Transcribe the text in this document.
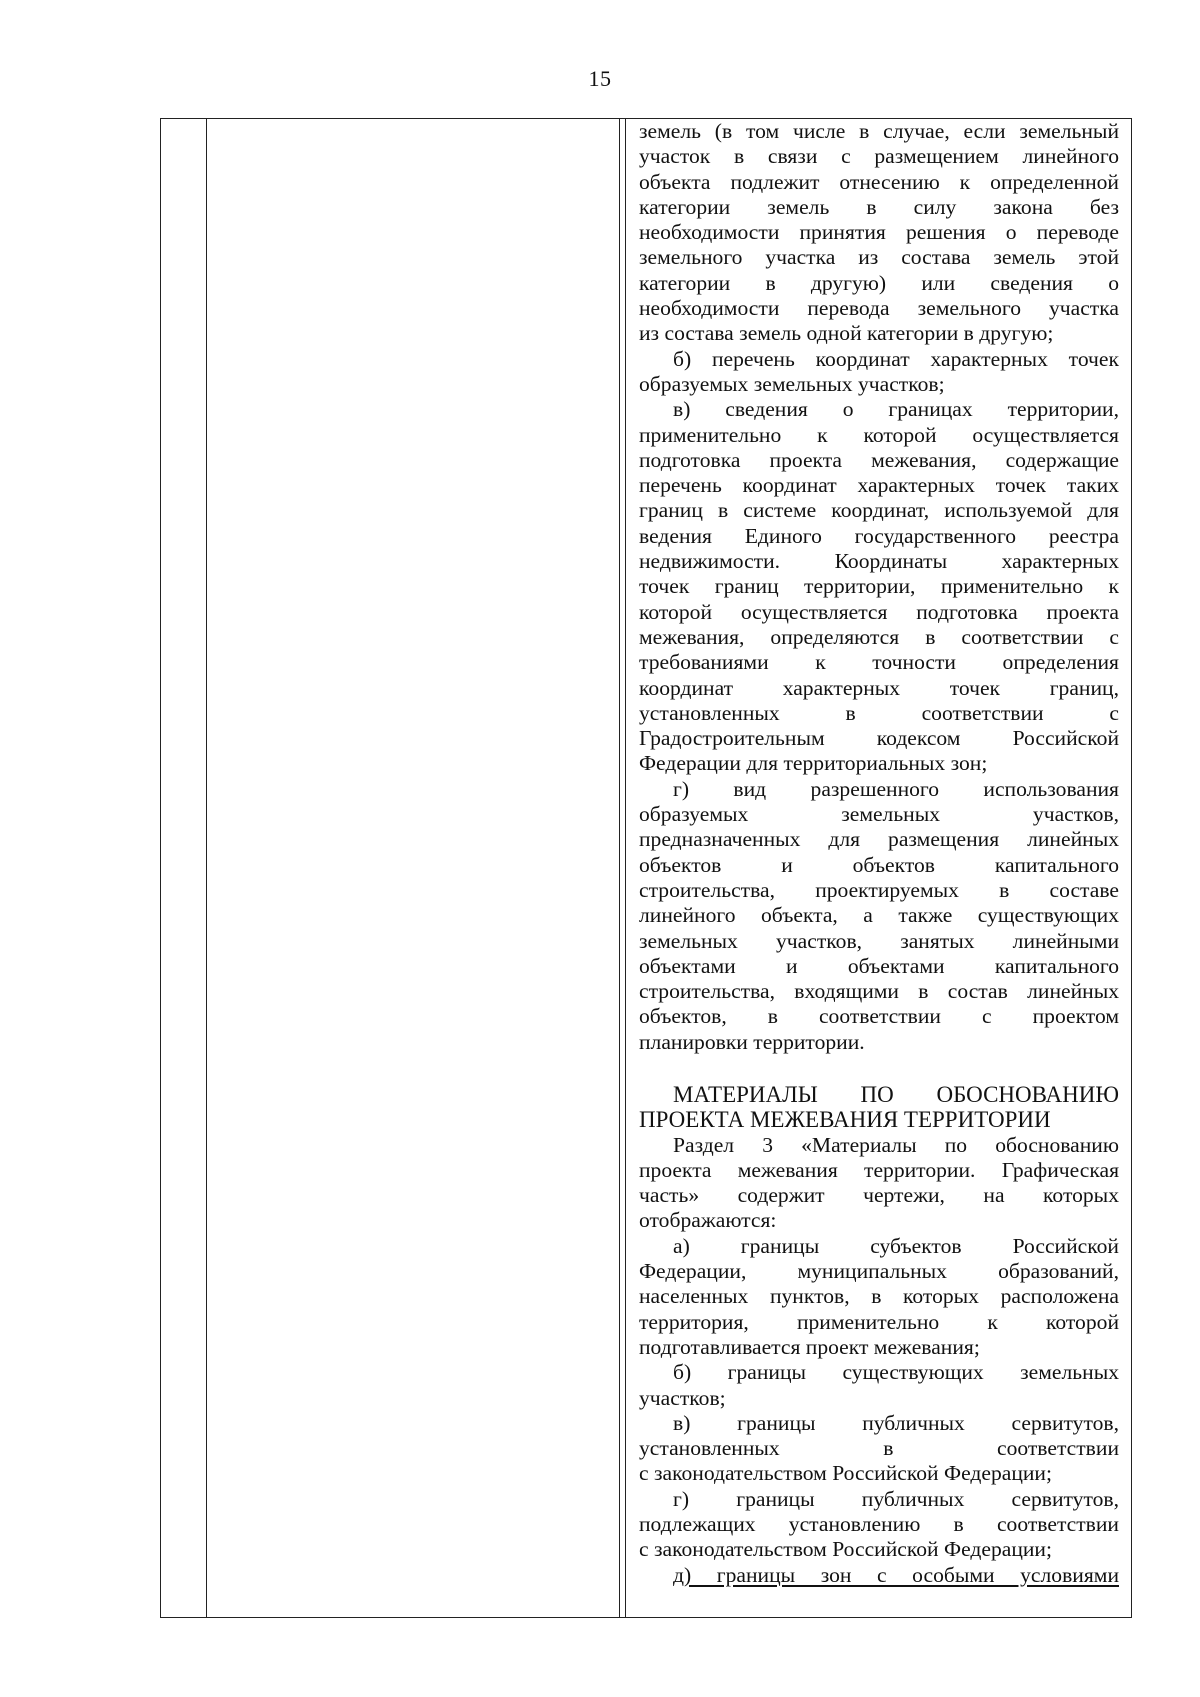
15
земель (в том числе в случае, если земельный
участок в связи с размещением линейного
объекта подлежит отнесению к определенной
категории земель в силу закона без
необходимости принятия решения о переводе
земельного участка из состава земель этой
категории в другую) или сведения о
необходимости перевода земельного участка
из состава земель одной категории в другую;
б) перечень координат характерных точек
образуемых земельных участков;
в) сведения о границах территории,
применительно к которой осуществляется
подготовка проекта межевания, содержащие
перечень координат характерных точек таких
границ в системе координат, используемой для
ведения Единого государственного реестра
недвижимости. Координаты характерных
точек границ территории, применительно к
которой осуществляется подготовка проекта
межевания, определяются в соответствии с
требованиями к точности определения
координат характерных точек границ,
установленных в соответствии с
Градостроительным кодексом Российской
Федерации для территориальных зон;
г) вид разрешенного использования
образуемых земельных участков,
предназначенных для размещения линейных
объектов и объектов капитального
строительства, проектируемых в составе
линейного объекта, а также существующих
земельных участков, занятых линейными
объектами и объектами капитального
строительства, входящими в состав линейных
объектов, в соответствии с проектом
планировки территории.
МАТЕРИАЛЫ ПО ОБОСНОВАНИЮ
ПРОЕКТА МЕЖЕВАНИЯ ТЕРРИТОРИИ
Раздел 3 «Материалы по обоснованию
проекта межевания территории. Графическая
часть» содержит чертежи, на которых
отображаются:
а) границы субъектов Российской
Федерации, муниципальных образований,
населенных пунктов, в которых расположена
территория, применительно к которой
подготавливается проект межевания;
б) границы существующих земельных
участков;
в) границы публичных сервитутов,
установленных в соответствии
с законодательством Российской Федерации;
г) границы публичных сервитутов,
подлежащих установлению в соответствии
с законодательством Российской Федерации;
д) границы зон с особыми условиями
